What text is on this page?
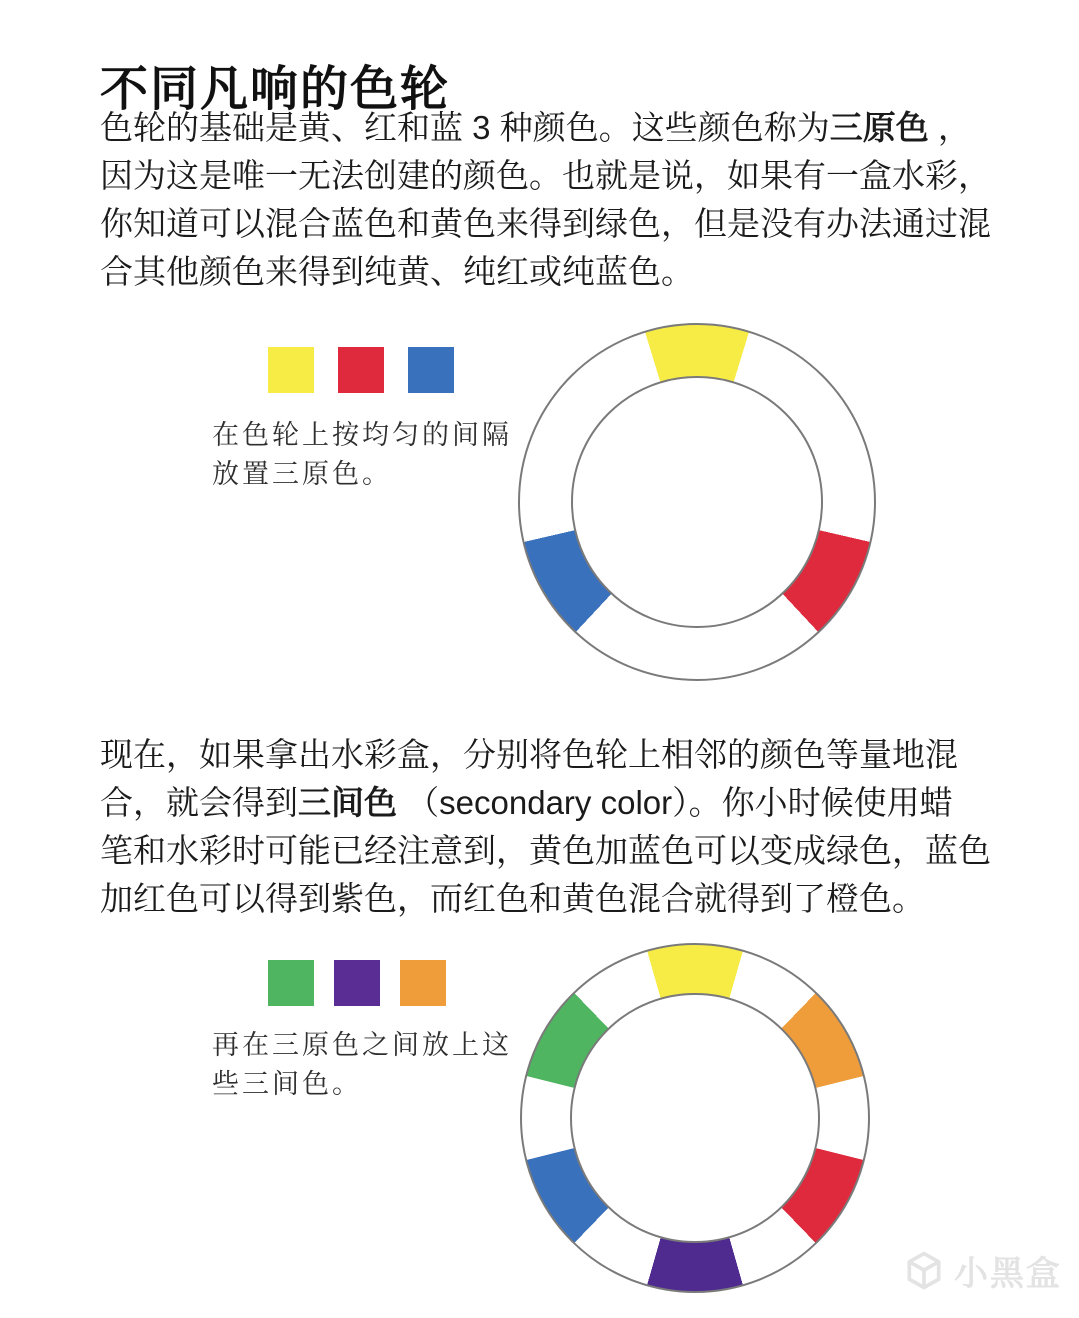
不同凡响的色轮
色轮的基础是黄、红和蓝 3 种颜色。这些颜色称为三原色 ，
因为这是唯一无法创建的颜色。也就是说，如果有一盒水彩，
你知道可以混合蓝色和黄色来得到绿色，但是没有办法通过混
合其他颜色来得到纯黄、纯红或纯蓝色。
在色轮上按均匀的间隔
放置三原色。
现在，如果拿出水彩盒，分别将色轮上相邻的颜色等量地混
合，就会得到三间色 （secondary color）。你小时候使用蜡
笔和水彩时可能已经注意到，黄色加蓝色可以变成绿色，蓝色
加红色可以得到紫色，而红色和黄色混合就得到了橙色。
再在三原色之间放上这
些三间色。
小黑盒
